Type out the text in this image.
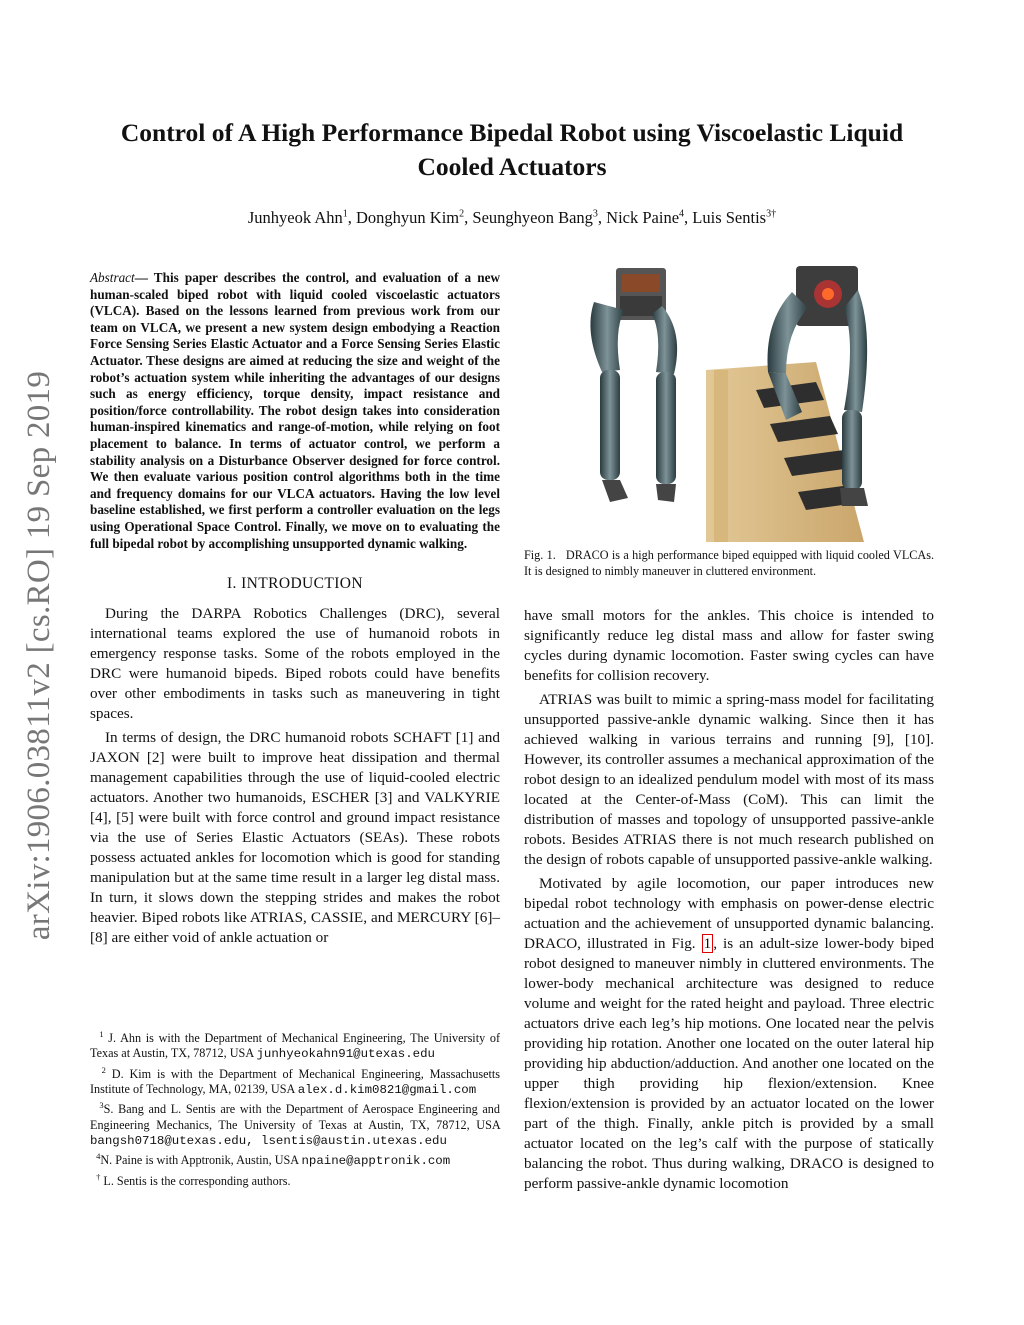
arXiv:1906.03811v2 [cs.RO] 19 Sep 2019
Control of A High Performance Bipedal Robot using Viscoelastic Liquid Cooled Actuators
Junhyeok Ahn$^1$, Donghyun Kim$^2$, Seunghyeon Bang$^3$, Nick Paine$^4$, Luis Sentis$^{3\dagger}$
Abstract— This paper describes the control, and evaluation of a new human-scaled biped robot with liquid cooled viscoelastic actuators (VLCA). Based on the lessons learned from previous work from our team on VLCA, we present a new system design embodying a Reaction Force Sensing Series Elastic Actuator and a Force Sensing Series Elastic Actuator. These designs are aimed at reducing the size and weight of the robot’s actuation system while inheriting the advantages of our designs such as energy efficiency, torque density, impact resistance and position/force controllability. The robot design takes into consideration human-inspired kinematics and range-of-motion, while relying on foot placement to balance. In terms of actuator control, we perform a stability analysis on a Disturbance Observer designed for force control. We then evaluate various position control algorithms both in the time and frequency domains for our VLCA actuators. Having the low level baseline established, we first perform a controller evaluation on the legs using Operational Space Control. Finally, we move on to evaluating the full bipedal robot by accomplishing unsupported dynamic walking.
I. INTRODUCTION

During the DARPA Robotics Challenges (DRC), several international teams explored the use of humanoid robots in emergency response tasks. Some of the robots employed in the DRC were humanoid bipeds. Biped robots could have benefits over other embodiments in tasks such as maneuvering in tight spaces.

In terms of design, the DRC humanoid robots SCHAFT [1] and JAXON [2] were built to improve heat dissipation and thermal management capabilities through the use of liquid-cooled electric actuators. Another two humanoids, ESCHER [3] and VALKYRIE [4], [5] were built with force control and ground impact resistance via the use of Series Elastic Actuators (SEAs). These robots possess actuated ankles for locomotion which is good for standing manipulation but at the same time result in a larger leg distal mass. In turn, it slows down the stepping strides and makes the robot heavier. Biped robots like ATRIAS, CASSIE, and MERCURY [6]–[8] are either void of ankle actuation or

$^1$ J. Ahn is with the Department of Mechanical Engineering, The University of Texas at Austin, TX, 78712, USA junhyeokahn91@utexas.edu
$^2$ D. Kim is with the Department of Mechanical Engineering, Massachusetts Institute of Technology, MA, 02139, USA alex.d.kim0821@gmail.com
$^3$S. Bang and L. Sentis are with the Department of Aerospace Engineering and Engineering Mechanics, The University of Texas at Austin, TX, 78712, USA bangsh0718@utexas.edu, lsentis@austin.utexas.edu
$^4$N. Paine is with Apptronik, Austin, USA npaine@apptronik.com
† L. Sentis is the corresponding authors.
Fig. 1. DRACO is a high performance biped equipped with liquid cooled VLCAs. It is designed to nimbly maneuver in cluttered environment.

have small motors for the ankles. This choice is intended to significantly reduce leg distal mass and allow for faster swing cycles during dynamic locomotion. Faster swing cycles can have benefits for collision recovery.

ATRIAS was built to mimic a spring-mass model for facilitating unsupported passive-ankle dynamic walking. Since then it has achieved walking in various terrains and running [9], [10]. However, its controller assumes a mechanical approximation of the robot design to an idealized pendulum model with most of its mass located at the Center-of-Mass (CoM). This can limit the distribution of masses and topology of unsupported passive-ankle robots. Besides ATRIAS there is not much research published on the design of robots capable of unsupported passive-ankle walking.

Motivated by agile locomotion, our paper introduces new bipedal robot technology with emphasis on power-dense electric actuation and the achievement of unsupported dynamic balancing. DRACO, illustrated in Fig. 1 , is an adult-size lower-body biped robot designed to maneuver nimbly in cluttered environments. The lower-body mechanical architecture was designed to reduce volume and weight for the rated height and payload. Three electric actuators drive each leg’s hip motions. One located near the pelvis providing hip rotation. Another one located on the outer lateral hip providing hip abduction/adduction. And another one located on the upper thigh providing hip flexion/extension. Knee flexion/extension is provided by an actuator located on the lower part of the thigh. Finally, ankle pitch is provided by a small actuator located on the leg’s calf with the purpose of statically balancing the robot. Thus during walking, DRACO is designed to perform passive-ankle dynamic locomotion
